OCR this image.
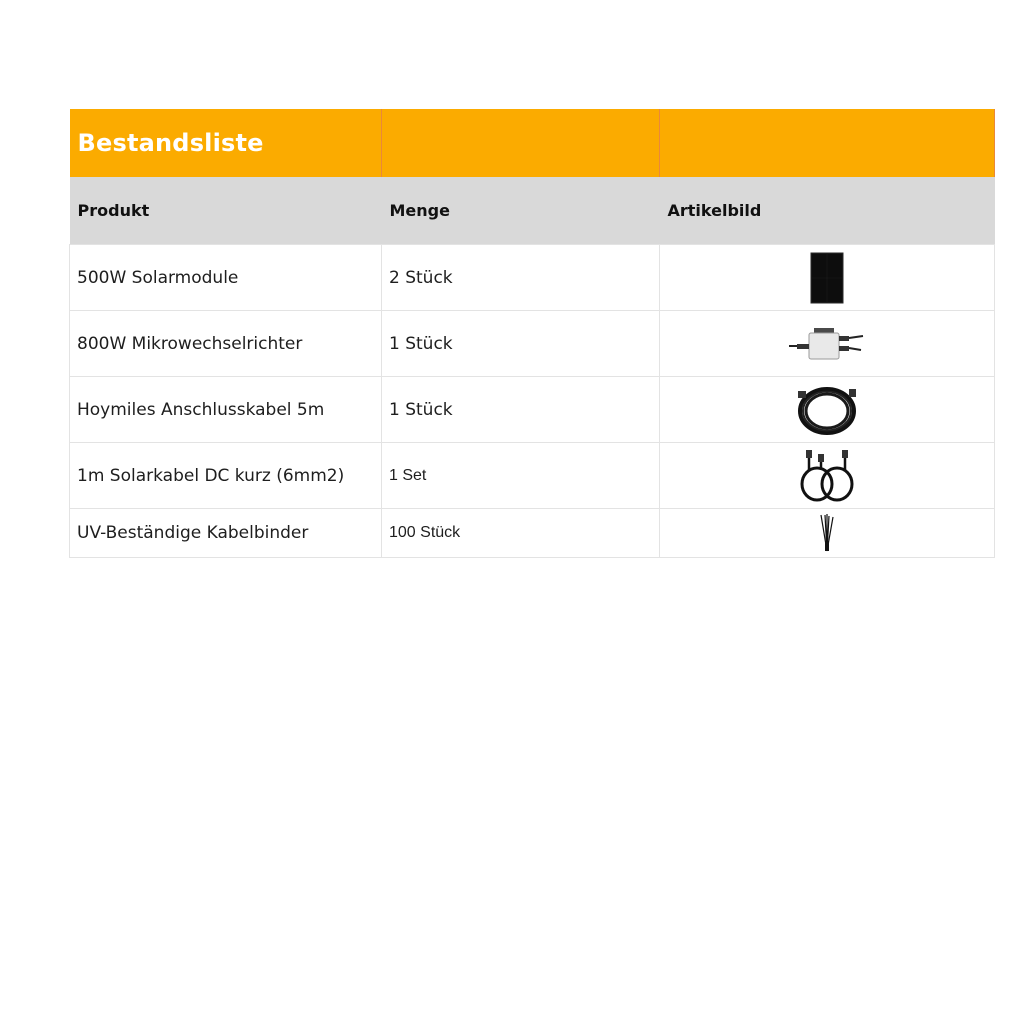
Bestandsliste		
Produkt	Menge	Artikelbild
500W Solarmodule	2 Stück	

800W Mikrowechselrichter	1 Stück	

Hoymiles Anschlusskabel 5m	1 Stück	

1m Solarkabel DC kurz (6mm2)	1 Set	

UV-Beständige Kabelbinder	100 Stück	
